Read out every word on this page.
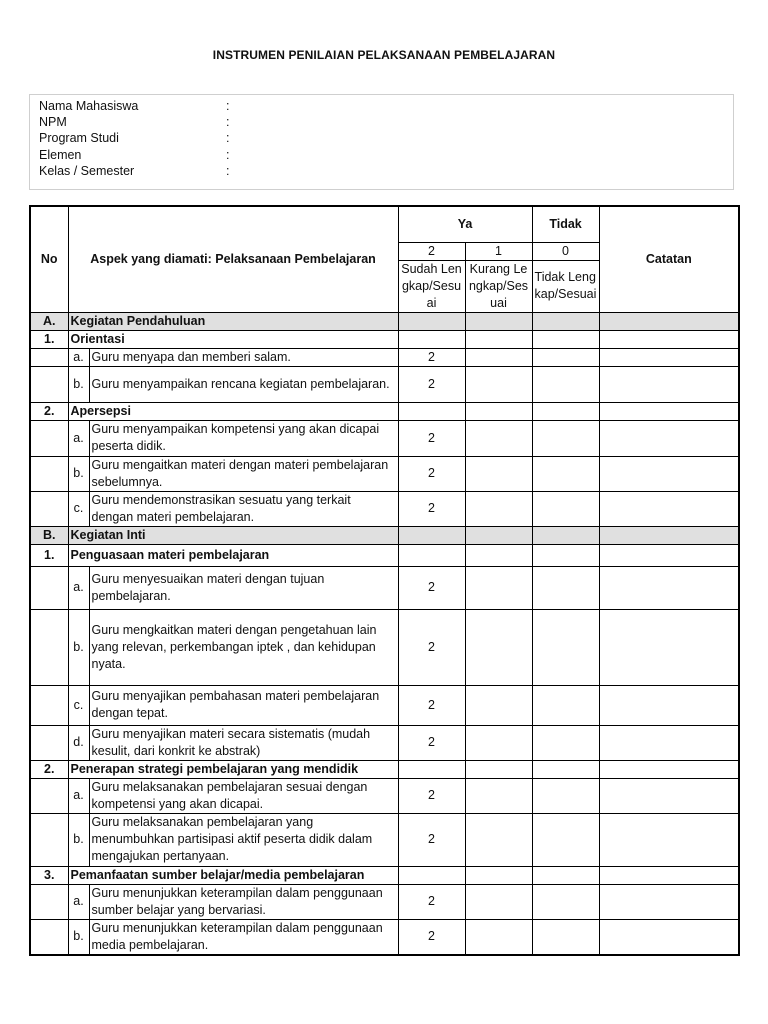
INSTRUMEN PENILAIAN PELAKSANAAN PEMBELAJARAN
Nama Mahasiswa	:
NPM	:
Program Studi	:
Elemen	:
Kelas / Semester	:
No	Aspek yang diamati: Pelaksanaan Pembelajaran		Ya		Tidak	Catatan
			2	1	0	
			Sudah Lengkap/Sesuai	Kurang Lengkap/Sesuai	Tidak Lengkap/Sesuai	
A.	Kegiatan Pendahuluan					
1.	Orientasi					
	a.	Guru menyapa dan memberi salam.	2			
	b.	Guru menyampaikan rencana kegiatan pembelajaran.	2			
2.	Apersepsi					
	a.	Guru menyampaikan kompetensi yang akan dicapai peserta didik.	2			
	b.	Guru mengaitkan materi dengan materi pembelajaran sebelumnya.	2			
	c.	Guru mendemonstrasikan sesuatu yang terkait dengan materi pembelajaran.	2			
B.	Kegiatan Inti					
1.	Penguasaan materi pembelajaran					
	a.	Guru menyesuaikan materi dengan tujuan pembelajaran.	2			
	b.	Guru mengkaitkan materi dengan pengetahuan lain yang relevan, perkembangan iptek , dan kehidupan nyata.	2			
	c.	Guru menyajikan pembahasan materi pembelajaran dengan tepat.	2			
	d.	Guru menyajikan materi secara sistematis (mudah kesulit, dari konkrit ke abstrak)	2			
2.	Penerapan strategi pembelajaran yang mendidik					
	a.	Guru melaksanakan pembelajaran sesuai dengan kompetensi yang akan dicapai.	2			
	b.	Guru melaksanakan pembelajaran yang menumbuhkan partisipasi aktif peserta didik dalam mengajukan pertanyaan.	2			
3.	Pemanfaatan sumber belajar/media pembelajaran					
	a.	Guru menunjukkan keterampilan dalam penggunaan sumber belajar yang bervariasi.	2			
	b.	Guru menunjukkan keterampilan dalam penggunaan media pembelajaran.	2			
